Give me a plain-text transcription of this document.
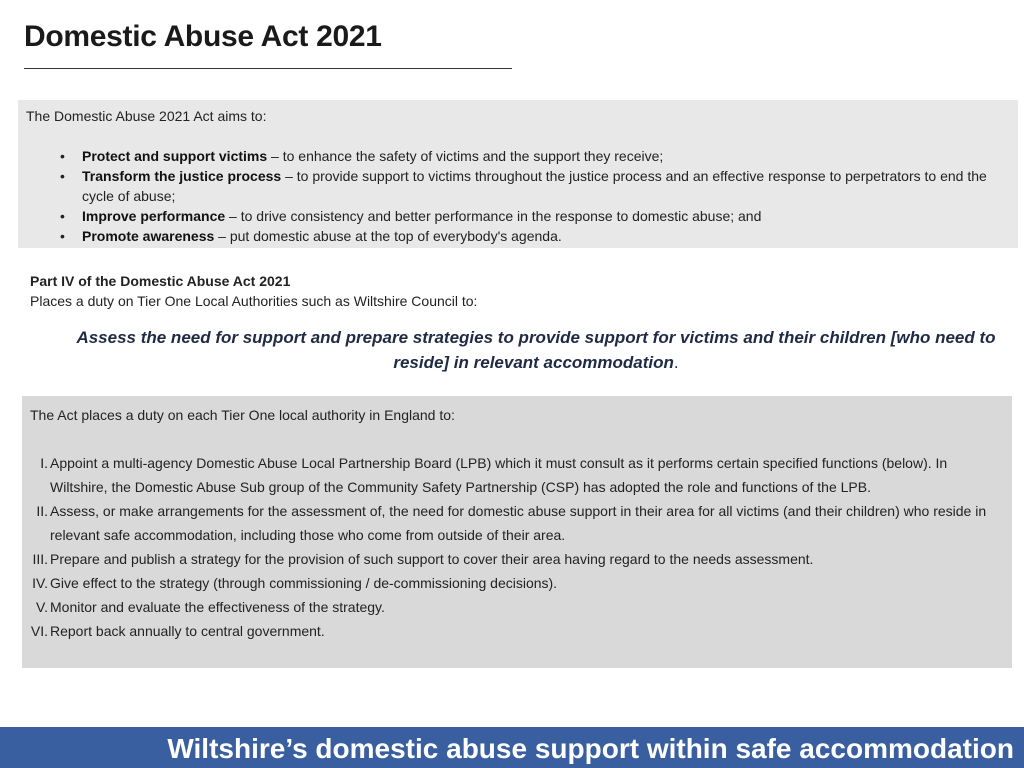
Domestic Abuse Act 2021
The Domestic Abuse 2021 Act aims to:
• Protect and support victims – to enhance the safety of victims and the support they receive;
• Transform the justice process – to provide support to victims throughout the justice process and an effective response to perpetrators to end the cycle of abuse;
• Improve performance – to drive consistency and better performance in the response to domestic abuse; and
• Promote awareness – put domestic abuse at the top of everybody's agenda.
Part IV of the Domestic Abuse Act 2021
Places a duty on Tier One Local Authorities such as Wiltshire Council to:
Assess the need for support and prepare strategies to provide support for victims and their children [who need to reside] in relevant accommodation.
The Act places a duty on each Tier One local authority in England to:
I. Appoint a multi-agency Domestic Abuse Local Partnership Board (LPB) which it must consult as it performs certain specified functions (below). In Wiltshire, the Domestic Abuse Sub group of the Community Safety Partnership (CSP) has adopted the role and functions of the LPB.
II. Assess, or make arrangements for the assessment of, the need for domestic abuse support in their area for all victims (and their children) who reside in relevant safe accommodation, including those who come from outside of their area.
III. Prepare and publish a strategy for the provision of such support to cover their area having regard to the needs assessment.
IV. Give effect to the strategy (through commissioning / de-commissioning decisions).
V. Monitor and evaluate the effectiveness of the strategy.
VI. Report back annually to central government.
Wiltshire’s domestic abuse support within safe accommodation
